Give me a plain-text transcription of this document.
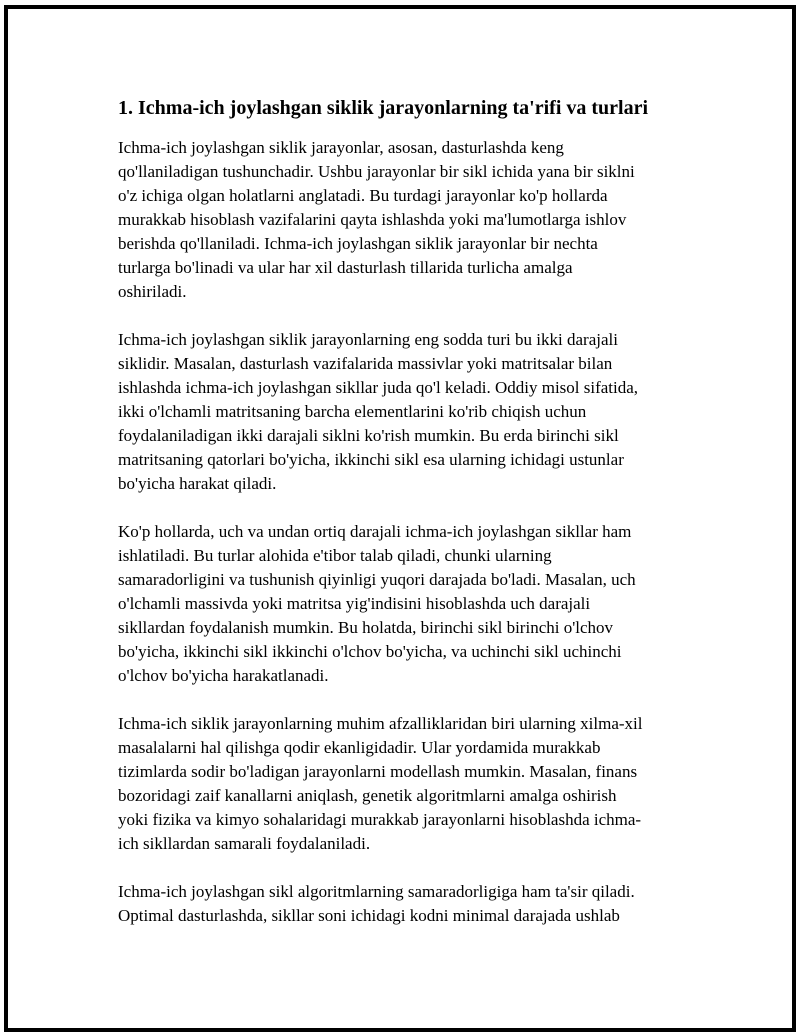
1. Ichma-ich joylashgan siklik jarayonlarning ta'rifi va turlari
Ichma-ich joylashgan siklik jarayonlar, asosan, dasturlashda keng
qo'llaniladigan tushunchadir. Ushbu jarayonlar bir sikl ichida yana bir siklni
o'z ichiga olgan holatlarni anglatadi. Bu turdagi jarayonlar ko'p hollarda
murakkab hisoblash vazifalarini qayta ishlashda yoki ma'lumotlarga ishlov
berishda qo'llaniladi. Ichma-ich joylashgan siklik jarayonlar bir nechta
turlarga bo'linadi va ular har xil dasturlash tillarida turlicha amalga
oshiriladi.
Ichma-ich joylashgan siklik jarayonlarning eng sodda turi bu ikki darajali
siklidir. Masalan, dasturlash vazifalarida massivlar yoki matritsalar bilan
ishlashda ichma-ich joylashgan sikllar juda qo'l keladi. Oddiy misol sifatida,
ikki o'lchamli matritsaning barcha elementlarini ko'rib chiqish uchun
foydalaniladigan ikki darajali siklni ko'rish mumkin. Bu erda birinchi sikl
matritsaning qatorlari bo'yicha, ikkinchi sikl esa ularning ichidagi ustunlar
bo'yicha harakat qiladi.
Ko'p hollarda, uch va undan ortiq darajali ichma-ich joylashgan sikllar ham
ishlatiladi. Bu turlar alohida e'tibor talab qiladi, chunki ularning
samaradorligini va tushunish qiyinligi yuqori darajada bo'ladi. Masalan, uch
o'lchamli massivda yoki matritsa yig'indisini hisoblashda uch darajali
sikllardan foydalanish mumkin. Bu holatda, birinchi sikl birinchi o'lchov
bo'yicha, ikkinchi sikl ikkinchi o'lchov bo'yicha, va uchinchi sikl uchinchi
o'lchov bo'yicha harakatlanadi.
Ichma-ich siklik jarayonlarning muhim afzalliklaridan biri ularning xilma-xil
masalalarni hal qilishga qodir ekanligidadir. Ular yordamida murakkab
tizimlarda sodir bo'ladigan jarayonlarni modellash mumkin. Masalan, finans
bozoridagi zaif kanallarni aniqlash, genetik algoritmlarni amalga oshirish
yoki fizika va kimyo sohalaridagi murakkab jarayonlarni hisoblashda ichma-
ich sikllardan samarali foydalaniladi.
Ichma-ich joylashgan sikl algoritmlarning samaradorligiga ham ta'sir qiladi.
Optimal dasturlashda, sikllar soni ichidagi kodni minimal darajada ushlab
